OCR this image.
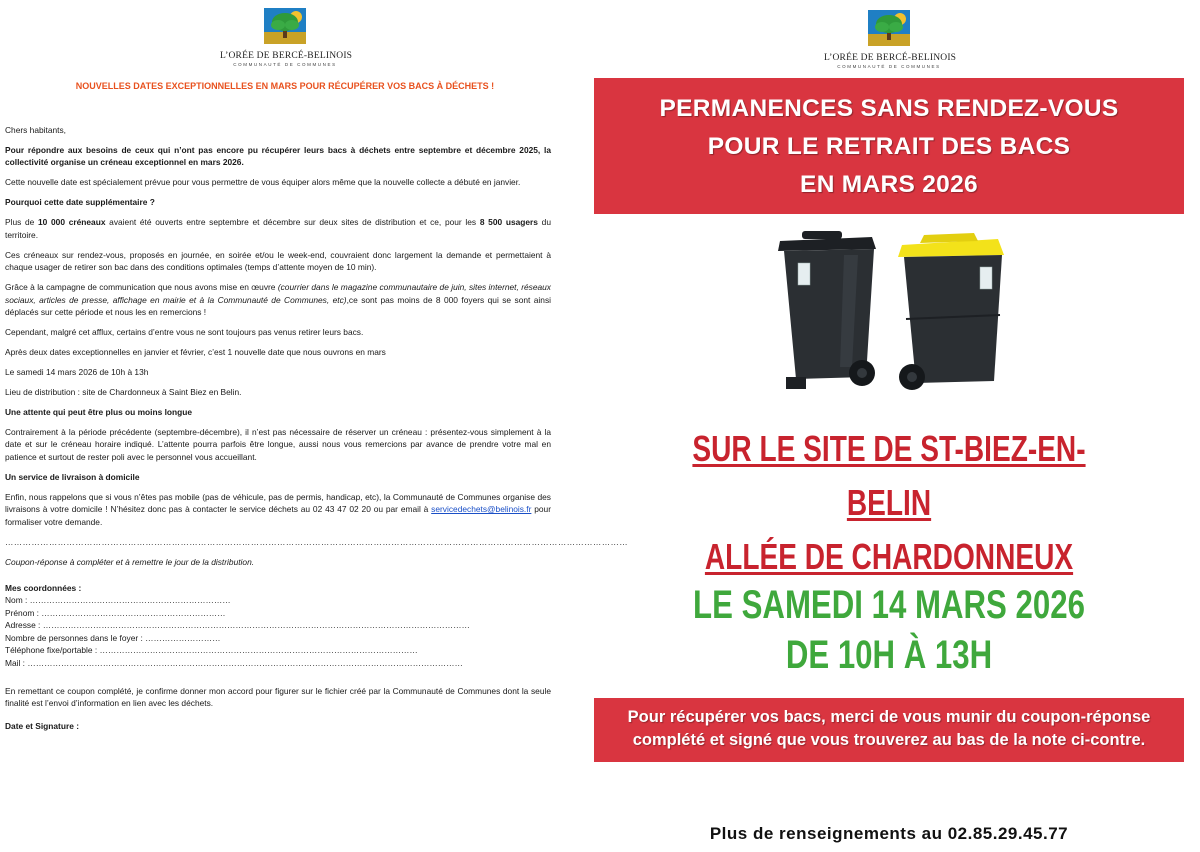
L’ORÉE DE BERCÉ-BELINOIS
COMMUNAUTÉ DE COMMUNES
NOUVELLES DATES EXCEPTIONNELLES EN MARS POUR RÉCUPÉRER VOS BACS À DÉCHETS !

Chers habitants,

Pour répondre aux besoins de ceux qui n’ont pas encore pu récupérer leurs bacs à déchets entre septembre et décembre 2025, la collectivité organise un créneau exceptionnel en mars 2026.

Cette nouvelle date est spécialement prévue pour vous permettre de vous équiper alors même que la nouvelle collecte a débuté en janvier.

Pourquoi cette date supplémentaire ?

Plus de 10 000 créneaux avaient été ouverts entre septembre et décembre sur deux sites de distribution et ce, pour les 8 500 usagers du territoire.

Ces créneaux sur rendez-vous, proposés en journée, en soirée et/ou le week-end, couvraient donc largement la demande et permettaient à chaque usager de retirer son bac dans des conditions optimales (temps d’attente moyen de 10 min).

Grâce à la campagne de communication que nous avons mise en œuvre (courrier dans le magazine communautaire de juin, sites internet, réseaux sociaux, articles de presse, affichage en mairie et à la Communauté de Communes, etc),ce sont pas moins de 8 000 foyers qui se sont ainsi déplacés sur cette période et nous les en remercions !

Cependant, malgré cet afflux, certains d’entre vous ne sont toujours pas venus retirer leurs bacs.

Après deux dates exceptionnelles en janvier et février, c’est 1 nouvelle date que nous ouvrons en mars

Le samedi 14 mars 2026 de 10h à 13h

Lieu de distribution : site de Chardonneux à Saint Biez en Belin.

Une attente qui peut être plus ou moins longue

Contrairement à la période précédente (septembre-décembre), il n’est pas nécessaire de réserver un créneau : présentez-vous simplement à la date et sur le créneau horaire indiqué. L’attente pourra parfois être longue, aussi nous vous remercions par avance de prendre votre mal en patience et surtout de rester poli avec le personnel vous accueillant.

Un service de livraison à domicile

Enfin, nous rappelons que si vous n’êtes pas mobile (pas de véhicule, pas de permis, handicap, etc), la Communauté de Communes organise des livraisons à votre domicile ! N’hésitez donc pas à contacter le service déchets au 02 43 47 02 20 ou par email à servicedechets@belinois.fr pour formaliser votre demande.

……………………………………………………………………………………………………………………………………………………………………………………………

Coupon-réponse à compléter et à remettre le jour de la distribution.

Mes coordonnées :

Nom : ………………………………………………………………

Prénom : …………………………………………………………

Adresse : ………………………………………………………………………………………………………………………………………

Nombre de personnes dans le foyer : ………………………

Téléphone fixe/portable : ……………………………………………………………………………………………………

Mail : …………………………………………………………………………………………………………………………………………

En remettant ce coupon complété, je confirme donner mon accord pour figurer sur le fichier créé par la Communauté de Communes dont la seule finalité est l’envoi d’information en lien avec les déchets.

Date et Signature :

L’ORÉE DE BERCÉ-BELINOIS
COMMUNAUTÉ DE COMMUNES
PERMANENCES SANS RENDEZ-VOUS
POUR LE RETRAIT DES BACS
EN MARS 2026
SUR LE SITE DE ST-BIEZ-EN-BELIN
ALLÉE DE CHARDONNEUX
LE SAMEDI 14 MARS 2026
DE 10H À 13H
Pour récupérer vos bacs, merci de vous munir du coupon-réponse
complété et signé que vous trouverez au bas de la note ci-contre.
Plus de renseignements au 02.85.29.45.77
